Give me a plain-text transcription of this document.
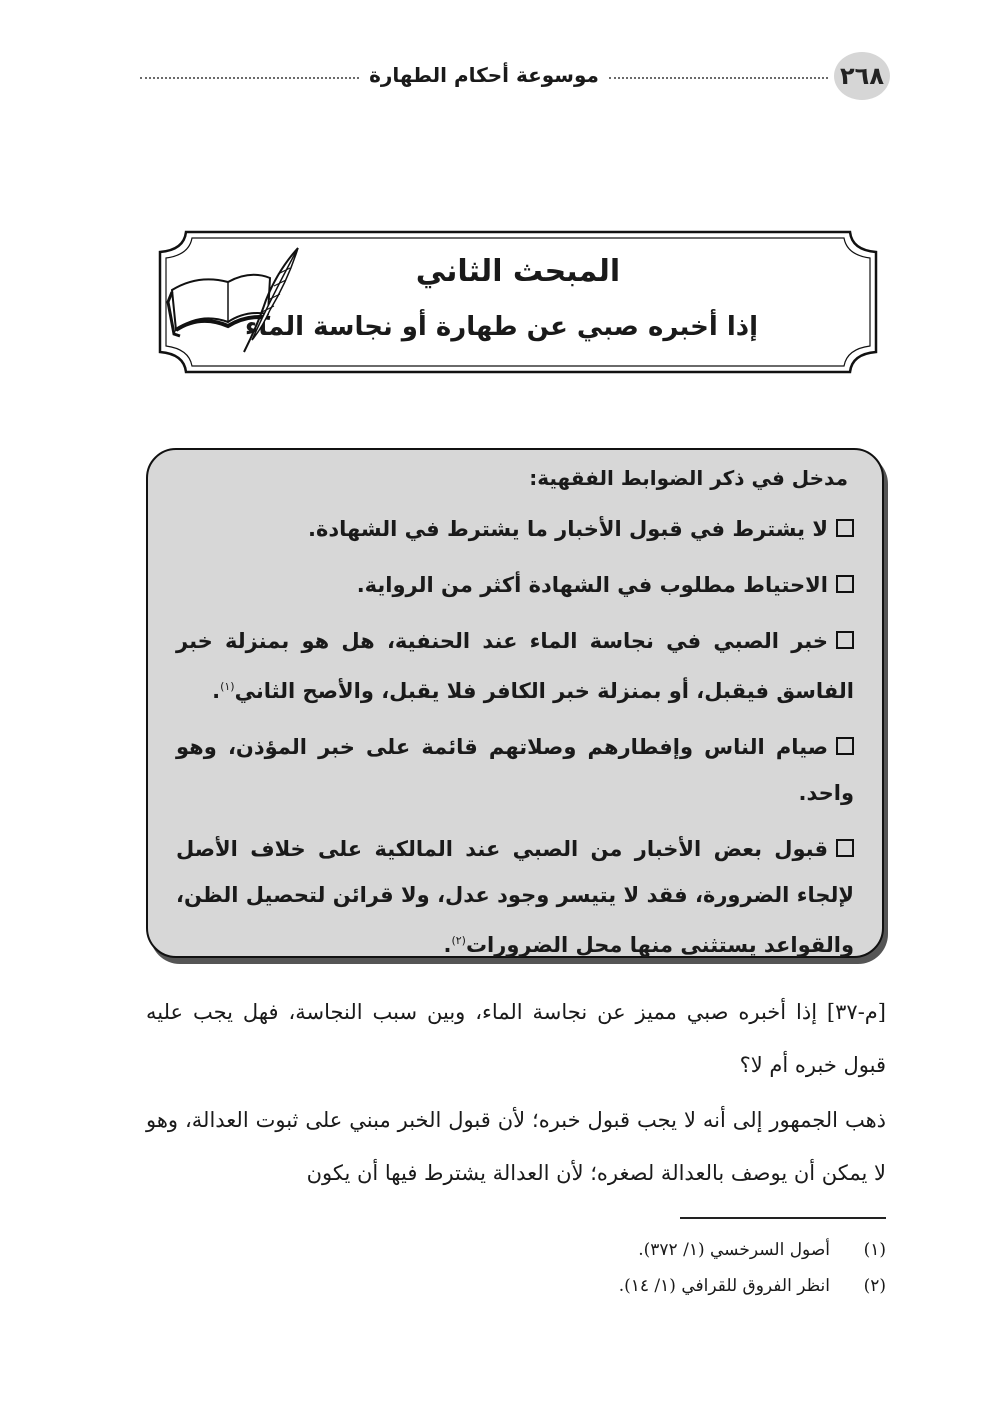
٢٦٨
موسوعة أحكام الطهارة
المبحث الثاني
إذا أخبره صبي عن طهارة أو نجاسة الماء
مدخل في ذكر الضوابط الفقهية:
لا يشترط في قبول الأخبار ما يشترط في الشهادة.
الاحتياط مطلوب في الشهادة أكثر من الرواية.
خبر الصبي في نجاسة الماء عند الحنفية، هل هو بمنزلة خبر الفاسق فيقبل، أو بمنزلة خبر الكافر فلا يقبل، والأصح الثاني$^{(١)}$.
صيام الناس وإفطارهم وصلاتهم قائمة على خبر المؤذن، وهو واحد.
قبول بعض الأخبار من الصبي عند المالكية على خلاف الأصل لإلجاء الضرورة، فقد لا يتيسر وجود عدل، ولا قرائن لتحصيل الظن، والقواعد يستثنى منها محل الضرورات$^{(٢)}$.

[م-٣٧] إذا أخبره صبي مميز عن نجاسة الماء، وبين سبب النجاسة، فهل يجب عليه قبول خبره أم لا؟

ذهب الجمهور إلى أنه لا يجب قبول خبره؛ لأن قبول الخبر مبني على ثبوت العدالة، وهو لا يمكن أن يوصف بالعدالة لصغره؛ لأن العدالة يشترط فيها أن يكون

(١)أصول السرخسي (١/ ٣٧٢).
(٢)انظر الفروق للقرافي (١/ ١٤).
